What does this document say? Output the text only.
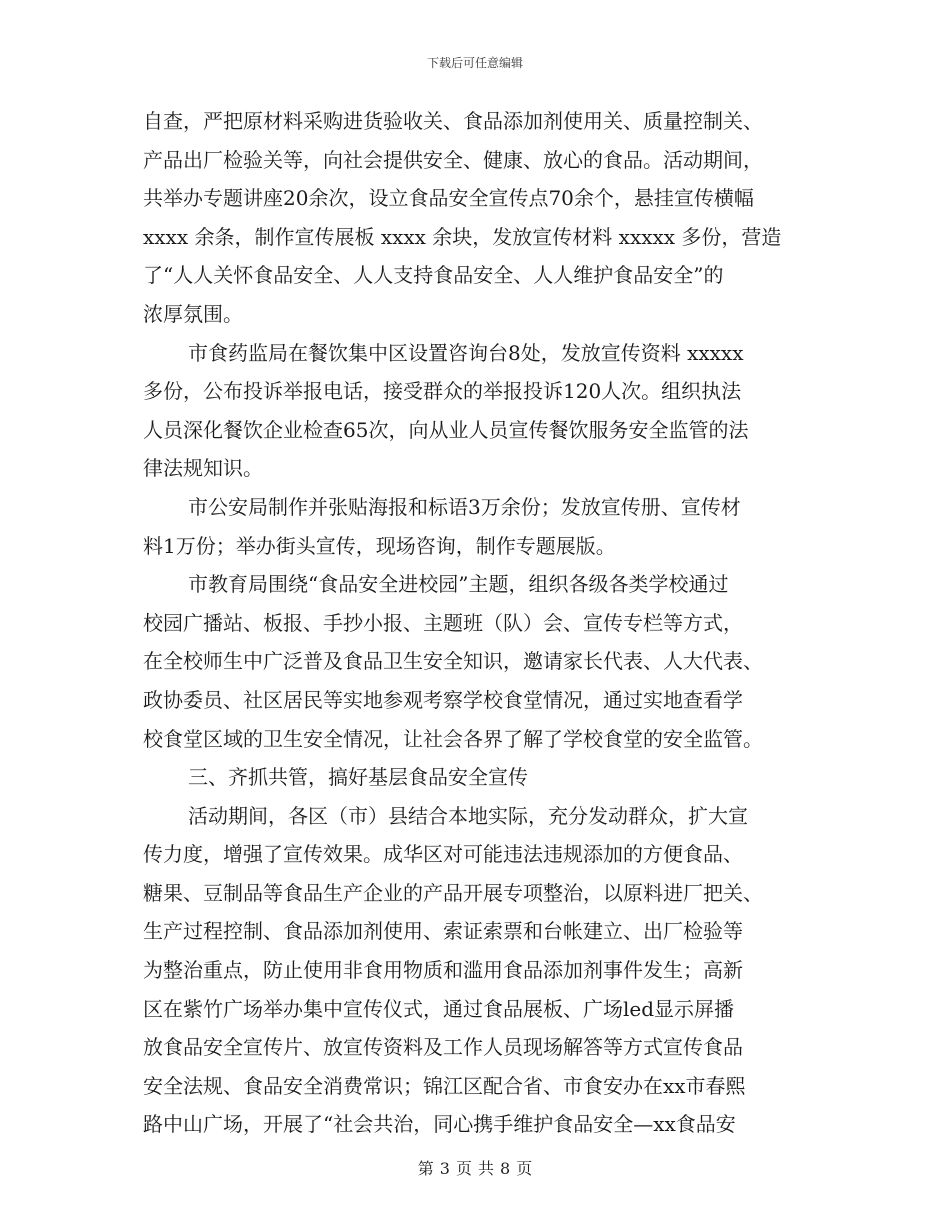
下载后可任意编辑
自查，严把原材料采购进货验收关、食品添加剂使用关、质量控制关、
产品出厂检验关等，向社会提供安全、健康、放心的食品。活动期间，
共举办专题讲座20余次，设立食品安全宣传点70余个，悬挂宣传横幅
xxxx 余条，制作宣传展板 xxxx 余块，发放宣传材料 xxxxx 多份，营造
了“人人关怀食品安全、人人支持食品安全、人人维护食品安全”的
浓厚氛围。
市食药监局在餐饮集中区设置咨询台8处，发放宣传资料 xxxxx
多份，公布投诉举报电话，接受群众的举报投诉120人次。组织执法
人员深化餐饮企业检查65次，向从业人员宣传餐饮服务安全监管的法
律法规知识。
市公安局制作并张贴海报和标语3万余份；发放宣传册、宣传材
料1万份；举办街头宣传，现场咨询，制作专题展版。
市教育局围绕“食品安全进校园”主题，组织各级各类学校通过
校园广播站、板报、手抄小报、主题班（队）会、宣传专栏等方式，
在全校师生中广泛普及食品卫生安全知识，邀请家长代表、人大代表、
政协委员、社区居民等实地参观考察学校食堂情况，通过实地查看学
校食堂区域的卫生安全情况，让社会各界了解了学校食堂的安全监管。
三、齐抓共管，搞好基层食品安全宣传
活动期间，各区（市）县结合本地实际，充分发动群众，扩大宣
传力度，增强了宣传效果。成华区对可能违法违规添加的方便食品、
糖果、豆制品等食品生产企业的产品开展专项整治，以原料进厂把关、
生产过程控制、食品添加剂使用、索证索票和台帐建立、出厂检验等
为整治重点，防止使用非食用物质和滥用食品添加剂事件发生；高新
区在紫竹广场举办集中宣传仪式，通过食品展板、广场led显示屏播
放食品安全宣传片、放宣传资料及工作人员现场解答等方式宣传食品
安全法规、食品安全消费常识；锦江区配合省、市食安办在xx市春熙
路中山广场，开展了“社会共治，同心携手维护食品安全—xx食品安
第 3 页 共 8 页
